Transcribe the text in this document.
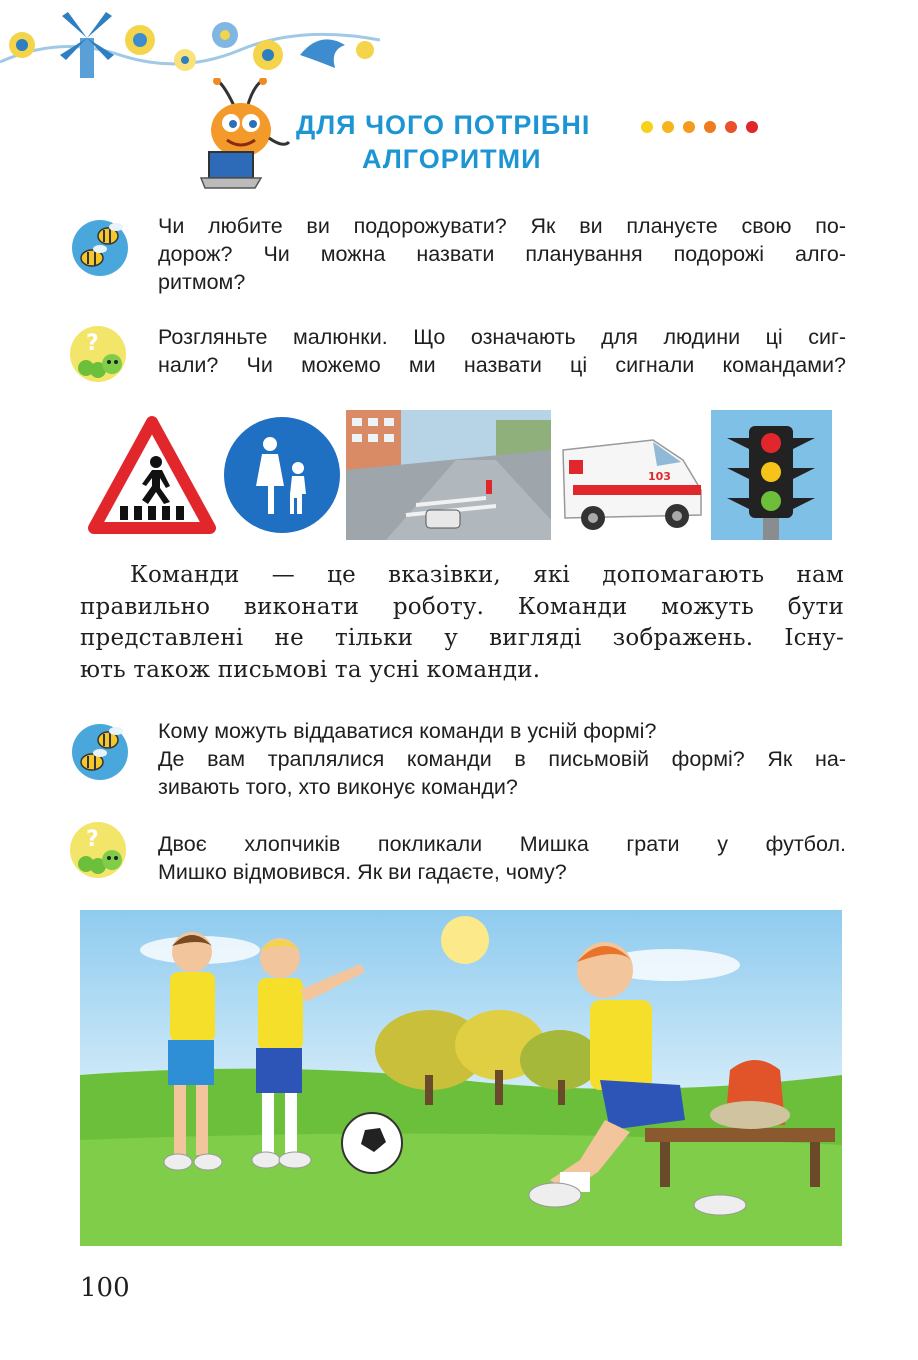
ДЛЯ ЧОГО ПОТРІБНІ
АЛГОРИТМИ
Чи любите ви подорожувати? Як ви плануєте свою по-
дорож? Чи можна назвати планування подорожі алго-
ритмом?
?	Розгляньте малюнки. Що означають для людини ці сиг-
нали? Чи можемо ми назвати ці сигнали командами?
103
Команди — це вказівки, які допомагають нам
правильно виконати роботу. Команди можуть бути
представлені не тільки у вигляді зображень. Існу-
ють також письмові та усні команди.
Кому можуть віддаватися команди в усній формі?
Де вам траплялися команди в письмовій формі? Як на-
зивають того, хто виконує команди?
?	Двоє хлопчиків покликали Мишка грати у футбол.
Мишко відмовився. Як ви гадаєте, чому?
100
